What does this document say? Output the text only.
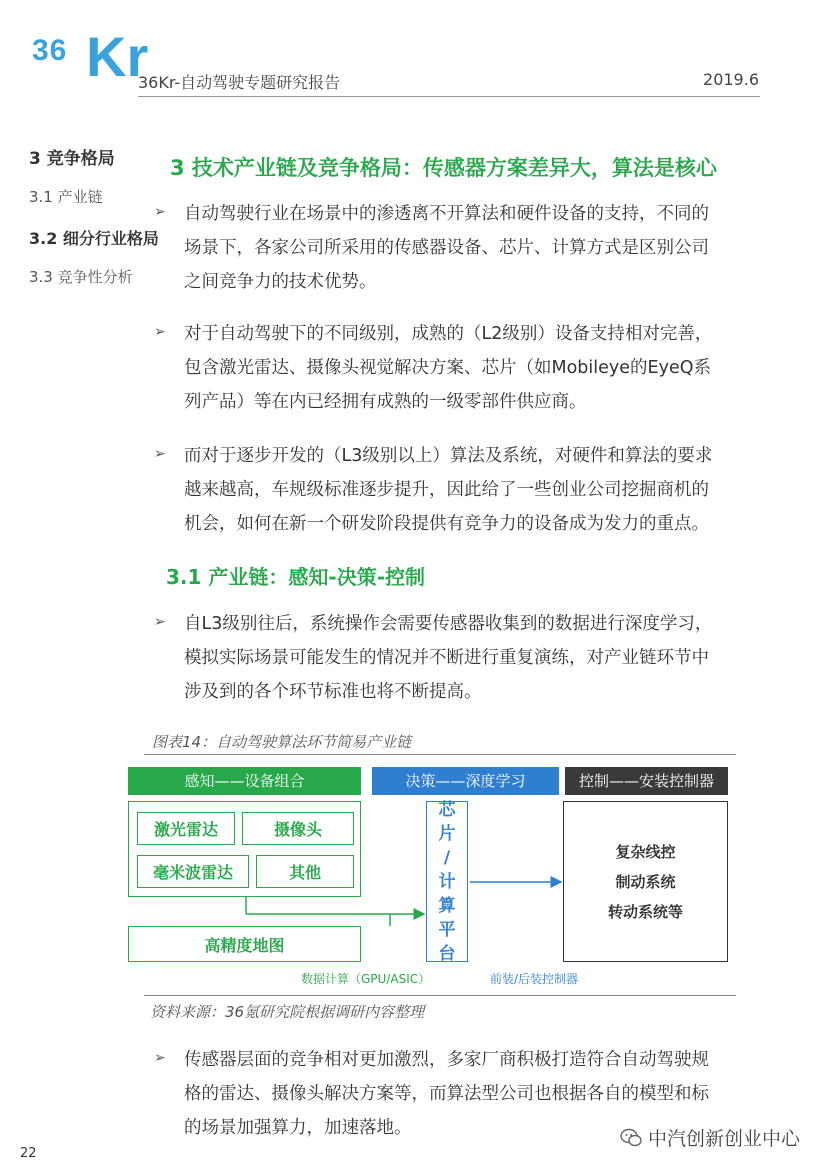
36 Kr
36Kr-自动驾驶专题研究报告	2019.6
3 竞争格局
3.1 产业链
3.2 细分行业格局
3.3 竞争性分析
3 技术产业链及竞争格局：传感器方案差异大，算法是核心
➢ 自动驾驶行业在场景中的渗透离不开算法和硬件设备的支持，不同的
场景下，各家公司所采用的传感器设备、芯片、计算方式是区别公司
之间竞争力的技术优势。
➢ 对于自动驾驶下的不同级别，成熟的（L2级别）设备支持相对完善，
包含激光雷达、摄像头视觉解决方案、芯片（如Mobileye的EyeQ系
列产品）等在内已经拥有成熟的一级零部件供应商。
➢ 而对于逐步开发的（L3级别以上）算法及系统，对硬件和算法的要求
越来越高，车规级标准逐步提升，因此给了一些创业公司挖掘商机的
机会，如何在新一个研发阶段提供有竞争力的设备成为发力的重点。
3.1 产业链：感知-决策-控制
➢ 自L3级别往后，系统操作会需要传感器收集到的数据进行深度学习，
模拟实际场景可能发生的情况并不断进行重复演练，对产业链环节中
涉及到的各个环节标准也将不断提高。
图表14：自动驾驶算法环节简易产业链
感知——设备组合	决策——深度学习	控制——安装控制器
激光雷达	摄像头
毫米波雷达	其他
高精度地图
芯
片
/
计
算
平
台
复杂线控
制动系统
转动系统等
数据计算（GPU/ASIC）	前装/后装控制器
资料来源：36氪研究院根据调研内容整理
➢ 传感器层面的竞争相对更加激烈，多家厂商积极打造符合自动驾驶规
格的雷达、摄像头解决方案等，而算法型公司也根据各自的模型和标
的场景加强算力，加速落地。
22
中汽创新创业中心
